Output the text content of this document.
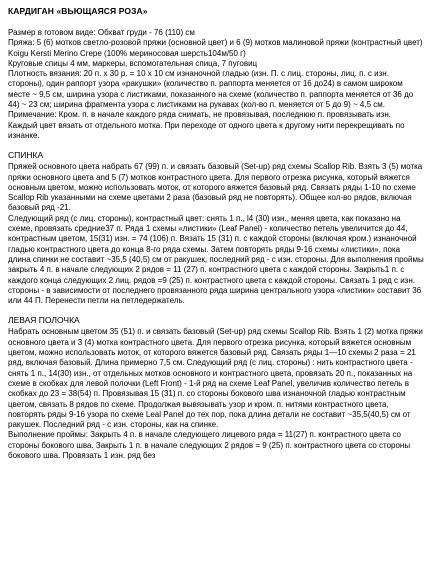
КАРДИГАН «ВЬЮЩАЯСЯ РОЗА»

Размер в готовом виде: Обхват груди - 76 (110) см

Пряжа: 5 (6) мотков светло-розовой пряжи (основной цвет) и 6 (9) мотков малиновой пряжи (контрастный цвет) Koigu Kersti Merino Crepe (100% мериносовая шерсть104м/50 г)

Круговые спицы 4 мм, маркеры, вспомогательная спица, 7 пуговиц

Плотность вязания: 20 п. х 30 р. = 10 х 10 см изнаночной гладью (изн. П. с лиц. стороны, лиц. п. с изн. стороны), один раппорт узора «ракушки» (количество п. раппорта меняется от 16 до24) в самом широком месте ~ 9,5 см, ширина узора с листиками, показанного на схеме (количество п. раппорта меняется от 36 до 44) ~ 23 см; ширина фрагмента узора с листиками на рукавах (кол-во п. меняется от 5 до 9) ~ 4,5 см.

Примечание: Кром. п. в начале каждого ряда снимать, не провязывая, последнюю п. провязывать изн.

Каждый цвет вязать от отдельного мотка. При переходе от одного цвета к другому нити перекрещивать по изнанке.

СПИНКА

Пряжей основного цвета набрать 67 (99) п. и связать базовый (Set-up) ряд схемы Scallop Rib. Взять 3 (5) мотка пряжи основного цвета and 5 (7) мотков контрастного цвета. Для первого отрезка рисунка, который вяжется основным цветом, можно использовать моток, от которого вяжется базовый ряд. Связать ряды 1-10 по схеме Scallop Rib указанными на схеме цветами 2 раза (базовый ряд не повторять). Общее кол-во рядов, включая базовый ряд -21.

Следующий ряд (с лиц. стороны), контрастный цвет: снять 1 п., l4 (30) изн., меняя цвета, как показано на схеме, провязать средние37 п. Ряда 1 схемы «листики» (Leaf Panel) - количество петель увеличится до 44, контрастным цветом, 15(31) изн. = 74 (106) п. Вязать 15 (31) п. с каждой стороны (включая кром.) изнаночной гладью контрастного цвета до конца 8-го ряда схемы. Затем повторять ряды 9-16 схемы «листики», пока длина спинки не составит ~35,5 (40,5) см от ракушек, последний ряд - с изн. стороны. Для выполнения проймы закрыть 4 п. в начале следующих 2 рядов = 11 (27) п. контрастного цвета с каждой стороны. Закрыть1 п. с каждого конца следующих 2 лиц. рядов =9 (25) п. контрастного цвета с каждой стороны. Связать 1 ряд с изн. стороны - в зависимости от последнего провязанного ряда ширина центрального узора «листики» составит 36 или 44 П. Перенести петли на петледержатель.

ЛЕВАЯ ПОЛОЧКА

Набрать основным цветом 35 (51) п. и связать базовый (Set-up) ряд схемы Scallop Rib. Взять 1 (2) мотка пряжи основного цвета и 3 (4) мотка контрастного цвета. Для первого отрезка рисунка, который вяжется основным цветом, можно использовать моток, от которого вяжется базовый ряд. Связать ряды 1—10 схемы 2 раза = 21 ряд, включая базовый. Длина примерно 7,5 см. Следующий ряд (с лиц. стороны) : нить контрастного цвета - снять 1 п., 14(30) изн., от отдельных мотков основного и контрастного цвета, провязать 20 п., показанных на схеме в скобках для левой полочки (Left Front) - 1-й ряд на схеме Leaf Panel, увеличив количество петель в скобках до 23 = 38(54) п. Провязывая 15 (31) п. со стороны бокового шва изнаночной гладью контрастным цветом, связать 8 рядов по схеме. Продолжая вывязывать узор и кром. п. нитями контрастного цвета, повторять ряды 9-16 узора по схеме Leal Panel до тех пор, пока длина детали не составит ~35,5(40,5) см от ракушек. Последний ряд - с изн. стороны, как на спинке.

Выполнение проймы: Закрыть 4 п. в начале следующего лицевого ряда = 11(27) п. контрастного цвета со стороны бокового шва. Закрыть 1 п. в начале следующих 2 рядов = 9 (25) п. контрастного цвета со стороны бокового шва. Провязать 1 изн. ряд без
